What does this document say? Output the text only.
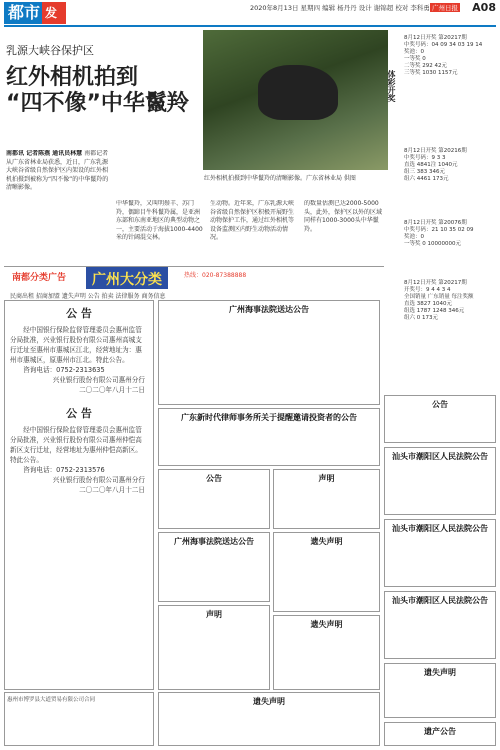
都市 发布
2020年8月13日 星期四 编辑 杨丹丹 设计 谢锦超 校对 李科勇 广州日报 A08
乳源大峡谷保护区
红外相机拍到
“四不像”中华鬣羚
红外相机拍摄到中华鬣羚的清晰影像。广东省林业局 供图
南都讯 记者陈燕 通讯员林慧 南都记者从广东省林业局获悉，近日，广东乳源大峡谷省级自然保护区内架设的红外相机拍摄到被称为“四不像”的中华鬣羚的清晰影像。
中华鬣羚，又叫明鬃羊、苏门羚，偶蹄目牛科鬣羚属，是亚洲东部和东南亚地区的典型动物之一，主要活动于海拔1000-4400米的针阔混交林。
生动物。近年来，广东乳源大峡谷省级自然保护区积极开展野生动物保护工作，通过红外相机等设备监测区内野生动物活动情况。
的数量估测已达2000-5000头，此外，保护区以外的区域同样有1000-3000头中华鬣羚。
体彩开奖
8月12日开奖 第20217期
中奖号码：04 09 34 03 19 14
奖池：0
一等奖 0
二等奖 292 42元
三等奖 1030 1157元
8月12日开奖 第20216期
中奖号码：9 3 3
直选 4841注 1040元
组三 383 346元
组六 4461 173元
8月12日开奖 第20076期
中奖号码：21 10 35 02 09
奖池：0
一等奖 0 10000000元
8月12日开奖 第20217期
开奖号：9 4 4 3 4
全国销量 广东销量 每注奖额
直选 3827 1040元
组选 1787 1248 346元
组六 0 173元
南都分类广告	广州大分类	热线：020-87388888
民商出租 招商加盟 遗失声明 公告 拍卖 法律服务 商务信息
公 告
经中国银行保险监督管理委员会惠州监管分局批准，兴业银行股份有限公司惠州高城支行迁址至惠州市惠城区江北，经营地址为：惠州市惠城区，原惠州市江北。特此公告。
咨询电话：0752-2313635
兴业银行股份有限公司惠州分行
二〇二〇年八月十二日
公 告
经中国银行保险监督管理委员会惠州监管分局批准，兴业银行股份有限公司惠州仲恺高新区支行迁址，经营地址为惠州仲恺高新区。特此公告。
咨询电话：0752-2313576
兴业银行股份有限公司惠州分行
二〇二〇年八月十二日
广州海事法院送达公告
广东新时代律师事务所关于提醒邀请投资者的公告
公告	声明
广州海事法院送达公告	遗失声明
遗失声明
声明
公告
汕头市潮阳区人民法院公告
汕头市潮阳区人民法院公告
汕头市潮阳区人民法院公告
遗失声明
遗产公告
惠州市博罗县大道贸易有限公司合同	遗失声明
